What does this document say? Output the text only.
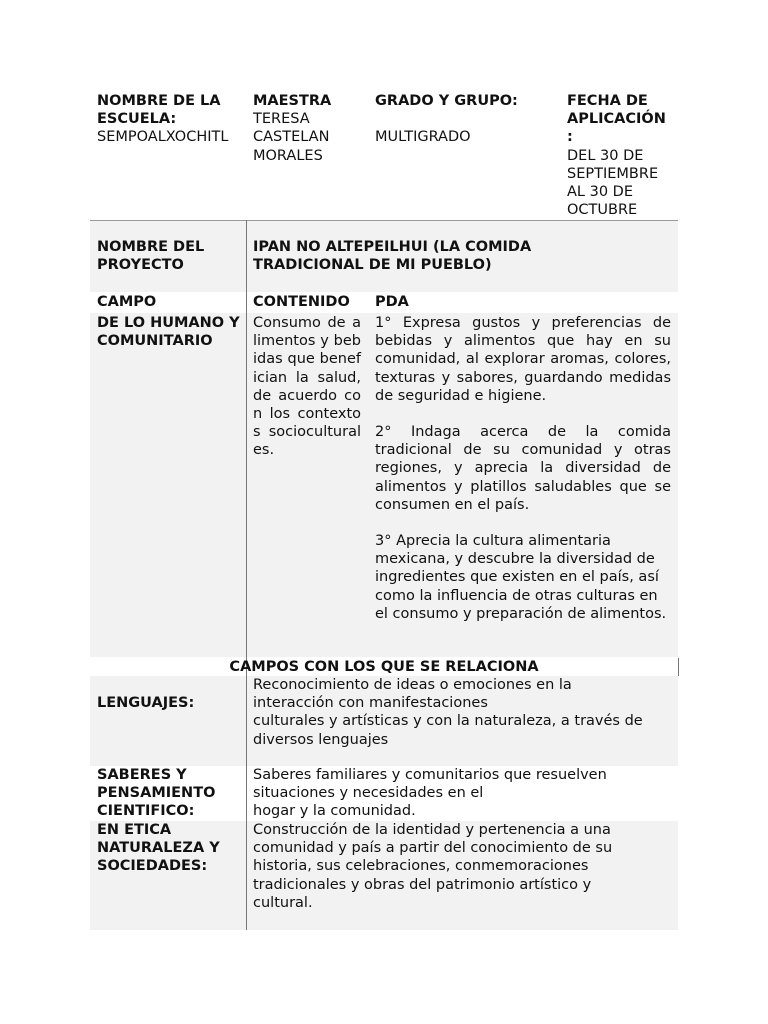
NOMBRE DE LA ESCUELA:

SEMPOALXOCHITL

MAESTRA

TERESA CASTELAN MORALES

GRADO Y GRUPO:

MULTIGRADO

FECHA DE APLICACIÓN :

DEL 30 DE SEPTIEMBRE AL 30 DE OCTUBRE

NOMBRE DEL PROYECTO
IPAN NO ALTEPEILHUI (LA COMIDA TRADICIONAL DE MI PUEBLO)
CAMPO	CONTENIDO PDA
DE LO HUMANO Y COMUNITARIO
Consumo de alimentos y bebidas que benefician la salud, de acuerdo con los contextos socioculturales.

1° Expresa gustos y preferencias de bebidas y alimentos que hay en su comunidad, al explorar aromas, colores, texturas y sabores, guardando medidas de seguridad e higiene.

2° Indaga acerca de la comida tradicional de su comunidad y otras regiones, y aprecia la diversidad de alimentos y platillos saludables que se consumen en el país.

3° Aprecia la cultura alimentaria mexicana, y descubre la diversidad de ingredientes que existen en el país, así como la influencia de otras culturas en el consumo y preparación de alimentos.

CAMPOS CON LOS QUE SE RELACIONA
LENGUAJES:

Reconocimiento de ideas o emociones en la

interacción con manifestaciones

culturales y artísticas y con la naturaleza, a través de

diversos lenguajes

SABERES Y PENSAMIENTO CIENTIFICO:

Saberes familiares y comunitarios que resuelven

situaciones y necesidades en el

hogar y la comunidad.

EN ETICA NATURALEZA Y SOCIEDADES:

Construcción de la identidad y pertenencia a una

comunidad y país a partir del conocimiento de su

historia, sus celebraciones, conmemoraciones

tradicionales y obras del patrimonio artístico y

cultural.
